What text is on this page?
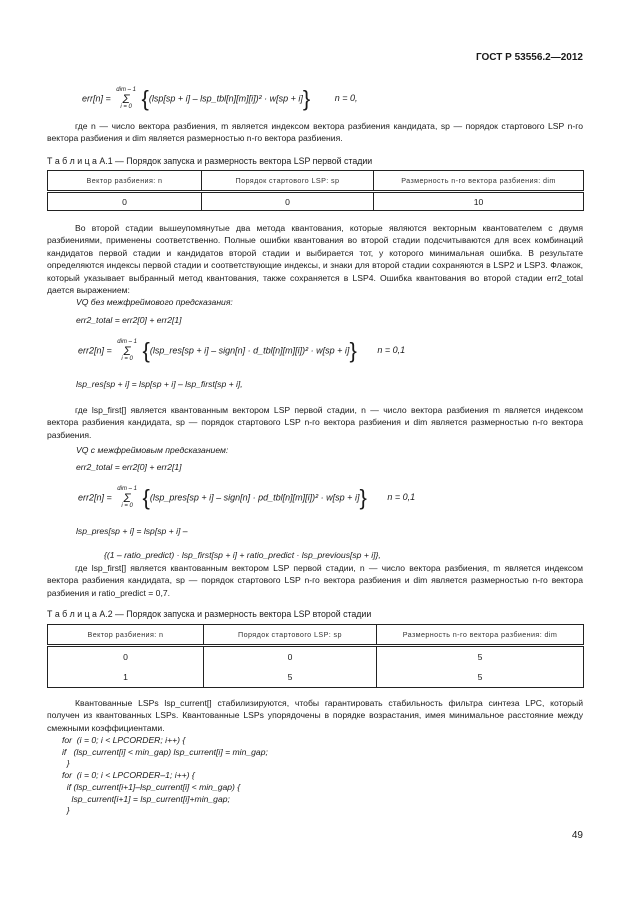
ГОСТ Р 53556.2—2012
err[n] = dim – 1
Σ
i = 0 {(lsp[sp + i] – lsp_tbl[n][m][i])² · w[sp + i]}	n = 0,

где n — число вектора разбиения, m является индексом вектора разбиения кандидата, sp — порядок стартового LSP n-го вектора разбиения и dim является размерностью n-го вектора разбиения.

Т а б л и ц а А.1 — Порядок запуска и размерность вектора LSP первой стадии
Вектор разбиения: n	Порядок стартового LSP: sp	Размерность n-го вектора разбиения: dim
0	0	10

Во второй стадии вышеупомянутые два метода квантования, которые являются векторным квантователем с двумя разбиениями, применены соответственно. Полные ошибки квантования во второй стадии подсчитываются для всех комбинаций кандидатов первой стадии и кандидатов второй стадии и выбирается тот, у которого минимальная ошибка. В результате определяются индексы первой стадии и соответствующие индексы, и знаки для второй стадии сохраняются в LSP2 и LSP3. Флажок, который указывает выбранный метод квантования, также сохраняется в LSP4. Ошибка квантования во второй стадии err2_total дается выражением:

VQ без межфреймового предсказания:
err2_total = err2[0] + err2[1]
err2[n] = dim – 1
Σ
i = 0 {(lsp_res[sp + i] – sign[n] · d_tbl[n][m][i])² · w[sp + i]} n = 0,1
lsp_res[sp + i] = lsp[sp + i] – lsp_first[sp + i],

где lsp_first[] является квантованным вектором LSP первой стадии, n — число вектора разбиения m является индексом вектора разбиения кандидата, sp — порядок стартового LSP n-го вектора разбиения и dim является размерностью n-го вектора разбиения.

VQ с межфреймовым предсказанием:
err2_total = err2[0] + err2[1]
err2[n] = dim – 1
Σ
i = 0 {(lsp_pres[sp + i] – sign[n] · pd_tbl[n][m][i])² · w[sp + i]} n = 0,1
lsp_pres[sp + i] = lsp[sp + i] –
{(1 – ratio_predict) · lsp_first[sp + i] + ratio_predict · lsp_previous[sp + i]},

где lsp_first[] является квантованным вектором LSP первой стадии, n — число вектора разбиения, m является индексом вектора разбиения кандидата, sp — порядок стартового LSP n-го вектора разбиения и dim является размерностью n-го вектора разбиения и ratio_predict = 0,7.

Т а б л и ц а А.2 — Порядок запуска и размерность вектора LSP второй стадии
Вектор разбиения: n	Порядок стартового LSP: sp	Размерность n-го вектора разбиения: dim
0	0	5
1	5	5

Квантованные LSPs lsp_current[] стабилизируются, чтобы гарантировать стабильность фильтра синтеза LPC, который получен из квантованных LSPs. Квантованные LSPs упорядочены в порядке возрастания, имея минимальное расстояние между смежными коэффициентами.

for  (i = 0; i < LPCORDER; i++) {
if   (lsp_current[i] < min_gap) lsp_current[i] = min_gap;
}
for  (i = 0; i < LPCORDER–1; i++) {
if (lsp_current[i+1]–lsp_current[i] < min_gap) {
lsp_current[i+1] = lsp_current[i]+min_gap;
}
49
